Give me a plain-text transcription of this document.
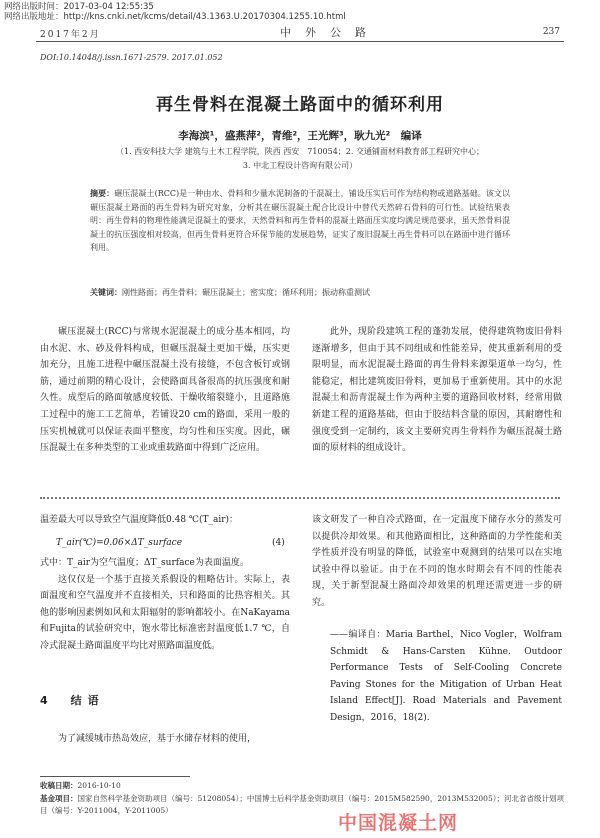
网络出版时间：2017-03-04 12:55:35
网络出版地址：http://kns.cnki.net/kcms/detail/43.1363.U.20170304.1255.10.html
2017年2月	中外公路	237
DOI:10.14048/j.issn.1671-2579. 2017.01.052
再生骨料在混凝土路面中的循环利用
李海滨¹，盛燕萍²，青维²，王光辉³，耿九光²　编译
（1. 西安科技大学 建筑与土木工程学院，陕西 西安　710054；2. 交通铺面材料教育部工程研究中心；
3. 中北工程设计咨询有限公司）
摘要：碾压混凝土(RCC)是一种由水、骨料和少量水泥制备的干混凝土，铺设压实后可作为结构物或道路基础。该文以碾压混凝土路面的再生骨料为研究对象，分析其在碾压混凝土配合比设计中替代天然碎石骨料的可行性。试验结果表明：再生骨料的物理性能满足混凝土的要求，天然骨料和再生骨料的混凝土路面压实度均满足规范要求，虽天然骨料混凝土的抗压强度相对较高，但再生骨料更符合环保节能的发展趋势，证实了废旧混凝土再生骨料可以在路面中进行循环利用。
关键词：刚性路面；再生骨料；碾压混凝土；密实度；循环利用；振动称重测试
碾压混凝土(RCC)与常规水泥混凝土的成分基本相同，均由水泥、水、砂及骨料构成，但碾压混凝土更加干燥，压实更加充分，且施工进程中碾压混凝土没有接缝，不包含板钉或钢筋，通过前期的精心设计，会使路面具备很高的抗压强度和耐久性。成型后的路面敏感度较低、干燥收缩裂缝小，且道路施工过程中的施工工艺简单，若铺设20 cm的路面，采用一般的压实机械就可以保证表面平整度，均匀性和压实度。因此，碾压混凝土在多种类型的工业或重载路面中得到广泛应用。
此外，现阶段建筑工程的蓬勃发展，使得建筑物废旧骨料逐渐增多，但由于其不同组成和性能差异，使其重新利用的受限明显，而水泥混凝土路面的再生骨料来源渠道单一均匀，性能稳定，相比建筑废旧骨料，更加易于重新使用。其中的水泥混凝土和沥青混凝土作为两种主要的道路回收材料，经常用做新建工程的道路基础，但由于胶结料含量的原因，其耐磨性和强度受到一定制约，该文主要研究再生骨料作为碾压混凝土路面的原材料的组成设计。
温差最大可以导致空气温度降低0.48 ℃(T_air)：
T_air(℃)=0.06×ΔT_surface	(4)
式中：T_air为空气温度；ΔT_surface为表面温度。
这仅仅是一个基于直接关系假设的粗略估计。实际上，表面温度和空气温度并不直接相关，只和路面的比热容相关。其他的影响因素例如风和太阳辐射的影响都较小。在NaKayama和Fujita的试验研究中，饱水带比标准密封温度低1.7 ℃，自冷式混凝土路面温度平均比对照路面温度低。
4　结语
为了减缓城市热岛效应，基于水储存材料的使用，
该文研发了一种自冷式路面，在一定温度下储存水分的蒸发可以提供冷却效果。和其他路面相比，这种路面的力学性能和美学性质并没有明显的降低，试验室中观测到的结果可以在实地试验中得以验证。由于在不同的饱水时期会有不同的性能表现，关于新型混凝土路面冷却效果的机理还需更进一步的研究。
——编译自：Maria Barthel，Nico Vogler，Wolfram Schmidt & Hans-Carsten Kühne. Outdoor Performance Tests of Self-Cooling Concrete Paving Stones for the Mitigation of Urban Heat Island Effect[J]. Road Materials and Pavement Design，2016，18(2).
收稿日期：2016-10-10
基金项目：国家自然科学基金资助项目（编号：51208054）；中国博士后科学基金资助项目（编号：2015M582590，2013M532005）；河北省省级计划项目（编号：Y-2011004，Y-2011005）
中国混凝土网
